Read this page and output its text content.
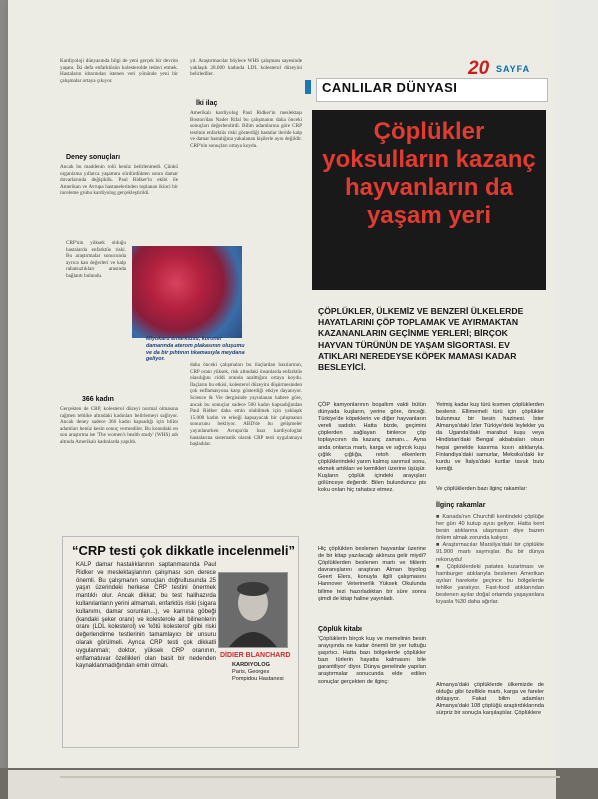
Kardiyoloji dünyasında bilgi de yeni gerçek bir devrim yaşanı. İki defa enfarktüsün kolesterolde tedavi etmek. Hastaların idrarından istenen veri yönünde yeni bir çalışmalar ortaya çıkıyor.
Deney sonuçları
Ancak bu maddenin rolü henüz belirlenmedi. Çünkü organizma yıllarca yaşamını sürdürdükten sonra damar duvarlarında değişiklik. Paul Ridker'in ekibi ile Amerikan ve Avrupa hastanelerinden toplanan ikinci bir inceleme grubu kardiyolog gerçekleştirildi.
CRP'nin yüksek olduğu hastalarda enfarktüs riski. Bu araştırmalar sonucunda ayrıca kan değerleri ve kalp rahatsızlıkları arasında bağlantı bulundu.
yıl. Araştırmacılar böylece WHS çalışması sayesinde yaklaşık 28.000 kadında LDL kolesterol düzeyini belirlediler.
İki ilaç
Amerikalı kardiyolog Paul Ridker'in meslektaşı Boston'dan Nader Rifai bu çalışmanın daha önceki sonuçları değerlendirdi. Bilim adamlarına göre CRP testinin enfarktüs riski gösterdiği hastalar ileride kalp ve damar hastalığına yakalanan kişilerle aynı değildir. CRP'nin sonuçları ortaya koydu.
Miyokard enfarktüsü, koroner damarında aterom plakasının oluşumu ve da bir pıhtının tıkamasıyla meydana geliyor.
366 kadın
Gerçekten de CRP, kolesterol düzeyi normal olmasına rağmen tehlike altındaki kadınları belirlemeyi sağlıyor. Ancak deney sadece 366 kadın kapsadığı için bilim adamları henüz kesin sonuç vermediler. Bu konudaki en son araştırma ise 'The women's health study' (WHS) adı altında Amerikalı kadınlarda yapıldı.
daha önceki çalışmaları bu ilaçlardan bazılarının, CRP oranı yüksek, risk altındaki insanlarda enfarktüs olasılığını ciddi oranda azalttığını ortaya koydu. İlaçların bu etkisi, kolesterol düzeyini düşürmesinden çok enflamasyona karşı gösterdiği etkiye dayanıyor. Science & Vie dergisinde yayınlanan habere göre, ancak bu sonuçlar sadece 500 kadın kapsadığından Paul Ridker daha emin olabilmek için yaklaşık 15.000 kadın ve erkeği kapsayacak bir çalışmanın sonucunu bekliyor. ABD'de bu gelişmeler yayınlanırken Avrupa'da bazı kardiyologlar hastalarına sistematik olarak CRP testi uygulamaya başladılar.
“CRP testi çok dikkatle incelenmeli”
KALP damar hastalıklarının saptanmasında Paul Ridker ve meslektaşlarının çalışması son derece önemli. Bu çalışmanın sonuçları doğrultusunda 25 yaşın üzerindeki herkese CRP testini önermek mantıklı olur. Ancak dikkat; bu test halihazırda kullanılanların yerini almamalı, enfarktüs riski (sigara kullanımı, damar sorunları...), ve karnına göbeği (kandaki şeker oranı) ve kolesterole ait bilinenlerin oranı (LDL kolesterol) ve 'kötü kolesterol' gibi riski değerlendirme testlerinin tamamlayıcı bir unsuru olarak görülmeli. Ayrıca CRP testi çok dikkatli uygulanmalı; doktor, yüksek CRP oranının, enflamatuvar özellikleri olan basit bir nedenden kaynaklanmadığından emin olmalı.
DİDIER BLANCHARD
KARDIYOLOG
Paris, Georges Pompidou Hastanesi
CANLILAR DÜNYASI
20 SAYFA
Çöplükler yoksulların kazanç hayvanların da yaşam yeri
ÇÖPLÜKLER, ÜLKEMİZ VE BENZERİ ÜLKELERDE HAYATLARINI ÇÖP TOPLAMAK VE AYIRMAKTAN KAZANANLARIN GEÇİNME YERLERİ; BİRÇOK HAYVAN TÜRÜNÜN DE YAŞAM SİGORTASI. EV ATIKLARI NEREDEYSE KÖPEK MAMASI KADAR BESLEYİCİ.
ÇÖP kamyonlarının boşaltım vakti bütün dünyada kuşların, yerine göre, önceği. Türkiye'de köpeklerin ve diğer hayvanların vereli sadıdır. Hatta bizde, geçimini çöplerden sağlayan binlerce çöp toplayıcının da kazanç zamanı... Ayna anda onlarca martı, karga ve sığırcık kuşu çığlık çığlığa, retoh elkenlerin çöplüklerindeki yarım kalmış sarımsıl sonu, ekmek artıkları ve kemikleri üzerine üşüşür. Kuşların çöplük içindeki arayışları gölünceye değerdir. Bilen bulunduncu pis koku onları hiç rahatsız etmez.
Hiç çöplükten beslenen hayvanlar üzerine de bir kitap yazılacağı aklınıza gelir miydi? Çöplüklerden beslenen martı ve tiklerin davranışlarını araştıran Alman biyolog Geert Elers, konuyla ilgili çalışmasını Hannover Veterinerlik Yüksek Okulunda bilime tezi hazırladıktan bir süre sonra şimdi de kitap haline yayınladı.
Çöplük kitabı
'Çöplüklerin birçok kuş ve memelinin besin arayışında ne kadar önemli bir yer tuttuğu şaşırtıcı. Hatta bazı bölgelerde çöplükler bazı türlerin hayatta kalmasını bile garantiliyor' diyor. Dünya genelinde yapılan araştırmalar sonucunda elde edilen sonuçlar gerçekten de ilginç:
Yetmiş kadar kuş türü kısmen çöplüklerden beslenir. Ellimemeli türü için çöplükler bulunmaz bir besin hazinesi. İster Almanya'daki İzler Türkiye'deki leylekler ya da Uganda'daki marabut kuşu veya Hindistan'daki Bengal akbabaları olsun hepsi genelde kasırma kısırı atıklarıyla. Finlandiya'daki samurlar, Meksika'daki kır kurdu ve İtalya'daki kurtlar tavuk butu kemiği.
Ve çöplüklerden bazı ilginç rakamlar:
İlginç rakamlar
■ Kanada'nın Churchill kentindeki çöplüğe her gün 40 kutup ayısı geliyor. Hatta kent besin atıklarına ulaşmasın diye bazen önlem almak zorunda kalıyor.
■ Araştırmacılar Marsilya'daki bir çöplükte 91.900 martı saymışlar. Bu bir dünya rekoruydu!
■ Çöplüklerdeki patates kızartması ve hamburger atıklarıyla beslenen Amerikan ayıları harekete geçince bu bölgelerde tehlike yaratıyor. Fast-food atıklarından beslenen ayılar doğal ortamda yaşayanlara kıyasla %30 daha ağırlar.
Almanya'daki çöplüklerde ülkemizde de olduğu gibi özellikle martı, karga ve fareler dolaşıyor. Fakat bilim adamları Almanya'daki 108 çöplüğü araştırdıklarında sürpriz bir sonuçla karşılaştılar. Çöplüklere
